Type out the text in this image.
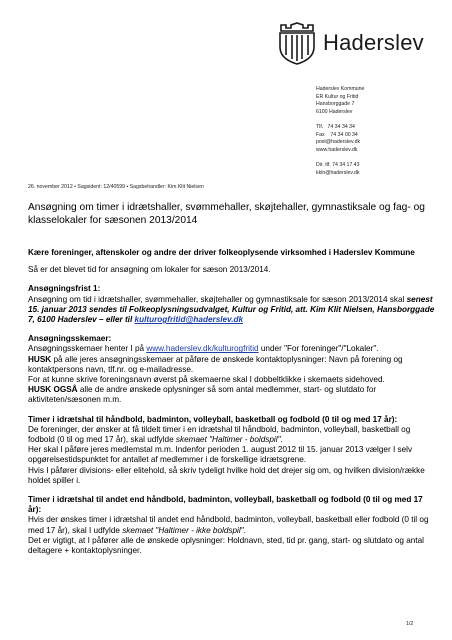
Haderslev
Haderslev Kommune
ER Kultur og Fritid
Hansborggade 7
6100 Haderslev
Tlf.   74 34 34 34
Fax    74 34 00 34
post@haderslev.dk
www.haderslev.dk
Dir. tlf. 74 34 17 43
kkln@haderslev.dk
26. november 2012 • Sagsident: 12/40599 • Sagsbehandler: Kim Klit Nielsen
Ansøgning om timer i idrætshaller, svømmehaller, skøjtehaller, gymnastiksale og fag- og klasselokaler for sæsonen 2013/2014

Kære foreninger, aftenskoler og andre der driver folkeoplysende virksomhed i Haderslev Kommune

Så er det blevet tid for ansøgning om lokaler for sæson 2013/2014.

Ansøgningsfrist 1:

Ansøgning om tid i idrætshaller, svømmehaller, skøjtehaller og gymnastiksale for sæson 2013/2014 skal senest 15. januar 2013 sendes til Folkeoplysningsudvalget, Kultur og Fritid, att. Kim Klit Nielsen, Hansborggade 7, 6100 Haderslev – eller til kulturogfritid@haderslev.dk

Ansøgningsskemaer:

Ansøgningsskemaer henter I på www.haderslev.dk/kulturogfritid under "For foreninger"/"Lokaler".

HUSK på alle jeres ansøgningsskemaer at påføre de ønskede kontaktoplysninger: Navn på forening og kontaktpersons navn, tlf.nr. og e-mailadresse.

For at kunne skrive foreningsnavn øverst på skemaerne skal I dobbeltklikke i skemaets sidehoved.

HUSK OGSÅ alle de andre ønskede oplysninger så som antal medlemmer, start- og slutdato for aktiviteten/sæsonen m.m.

Timer i idrætshal til håndbold, badminton, volleyball, basketball og fodbold (0 til og med 17 år):

De foreninger, der ønsker at få tildelt timer i en idrætshal til håndbold, badminton, volleyball, basketball og fodbold (0 til og med 17 år), skal udfylde skemaet "Haltimer - boldspil".

Her skal I påføre jeres medlemstal m.m. Indenfor perioden 1. august 2012 til 15. januar 2013 vælger I selv opgørelsestidspunktet for antallet af medlemmer i de forskellige idrætsgrene.

Hvis I påfører divisions- eller elitehold, så skriv tydeligt hvilke hold det drejer sig om, og hvilken division/række holdet spiller i.

Timer i idrætshal til andet end håndbold, badminton, volleyball, basketball og fodbold (0 til og med 17 år):

Hvis der ønskes timer i idrætshal til andet end håndbold, badminton, volleyball, basketball eller fodbold (0 til og med 17 år), skal I udfylde skemaet "Haltimer - ikke boldspil".

Det er vigtigt, at I påfører alle de ønskede oplysninger: Holdnavn, sted, tid pr. gang, start- og slutdato og antal deltagere + kontaktoplysninger.

1/2
